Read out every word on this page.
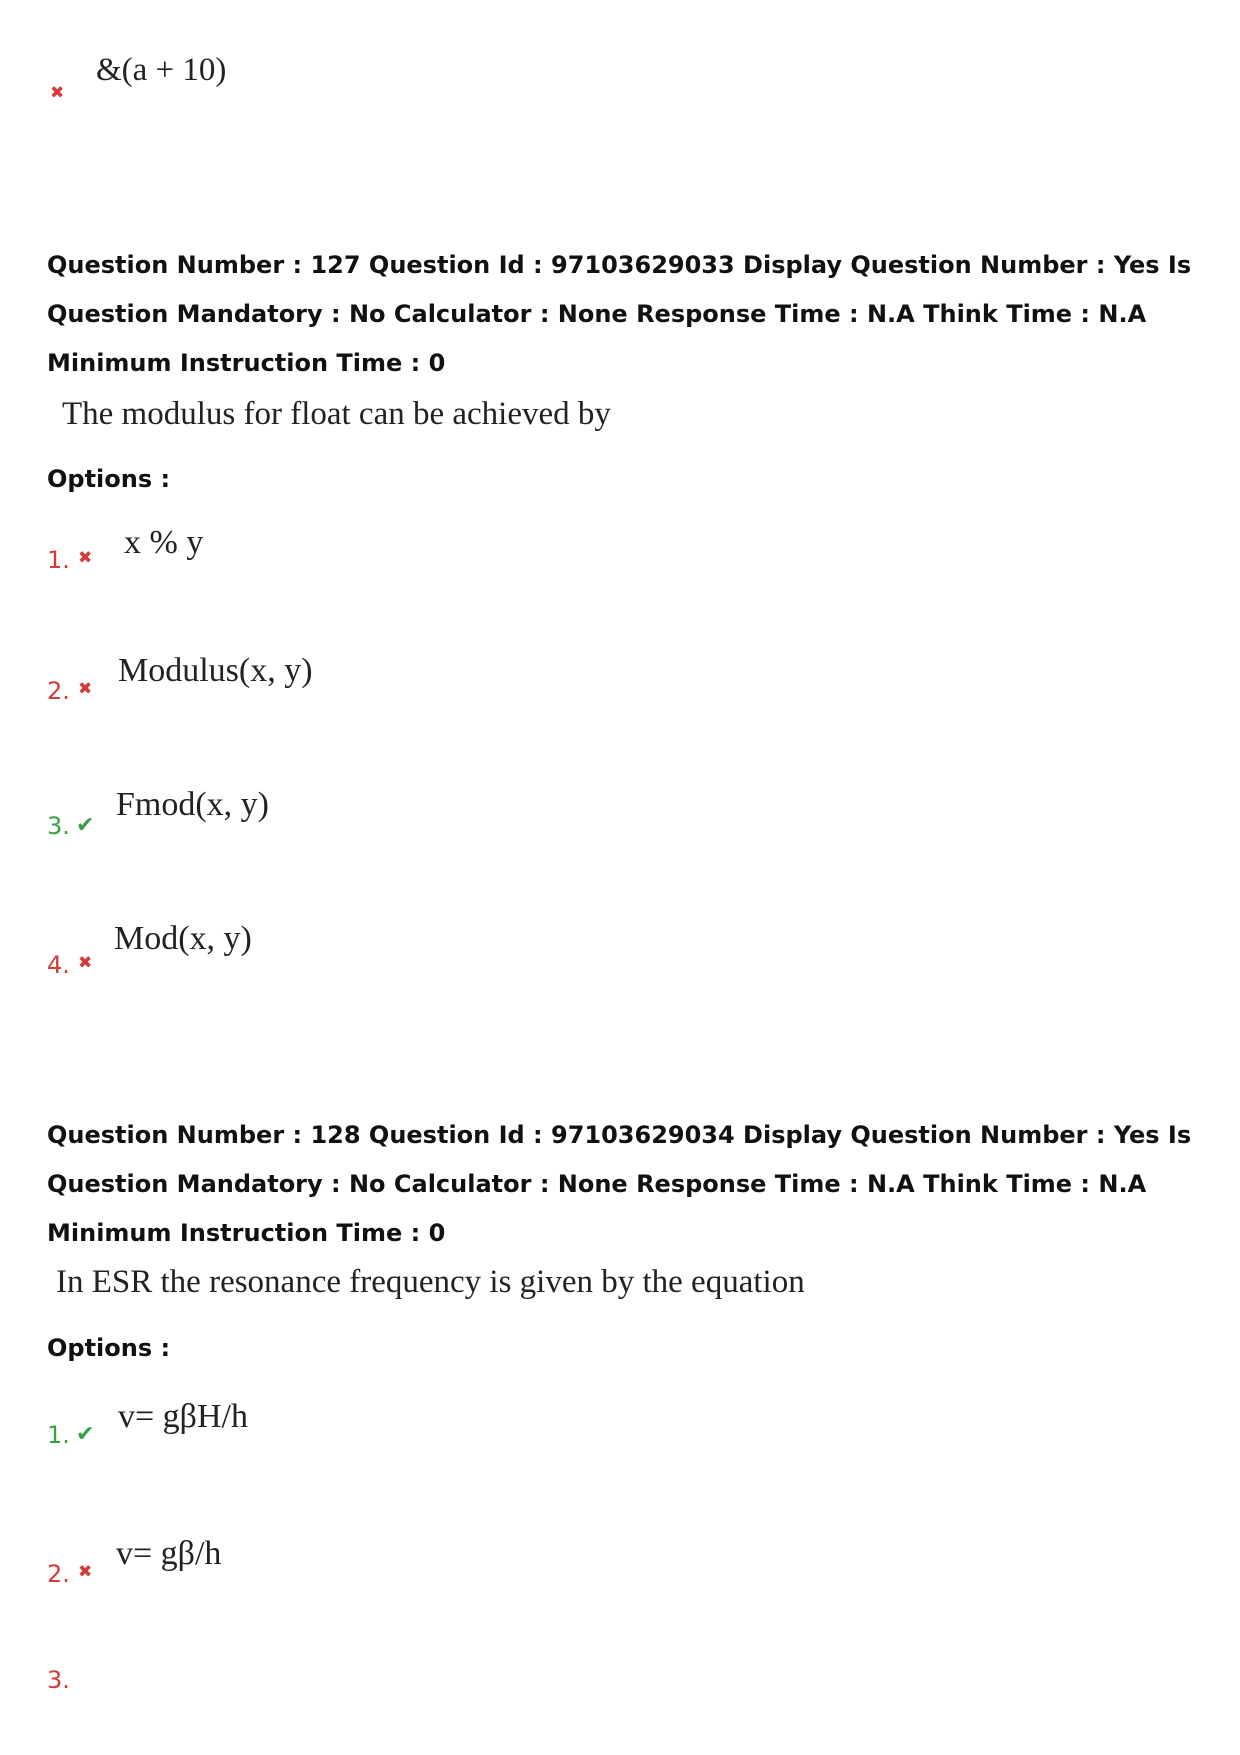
✖
&(a + 10)
Question Number : 127 Question Id : 97103629033 Display Question Number : Yes Is Question Mandatory : No Calculator : None Response Time : N.A Think Time : N.A Minimum Instruction Time : 0
The modulus for float can be achieved by
Options :
1. ✖ x % y
2. ✖ Modulus(x, y)
3. ✔
Fmod(x, y)
4. ✖
Mod(x, y)
Question Number : 128 Question Id : 97103629034 Display Question Number : Yes Is Question Mandatory : No Calculator : None Response Time : N.A Think Time : N.A Minimum Instruction Time : 0
In ESR the resonance frequency is given by the equation
Options :
1. ✔ v= gβH/h
2. ✖ v= gβ/h
3.
